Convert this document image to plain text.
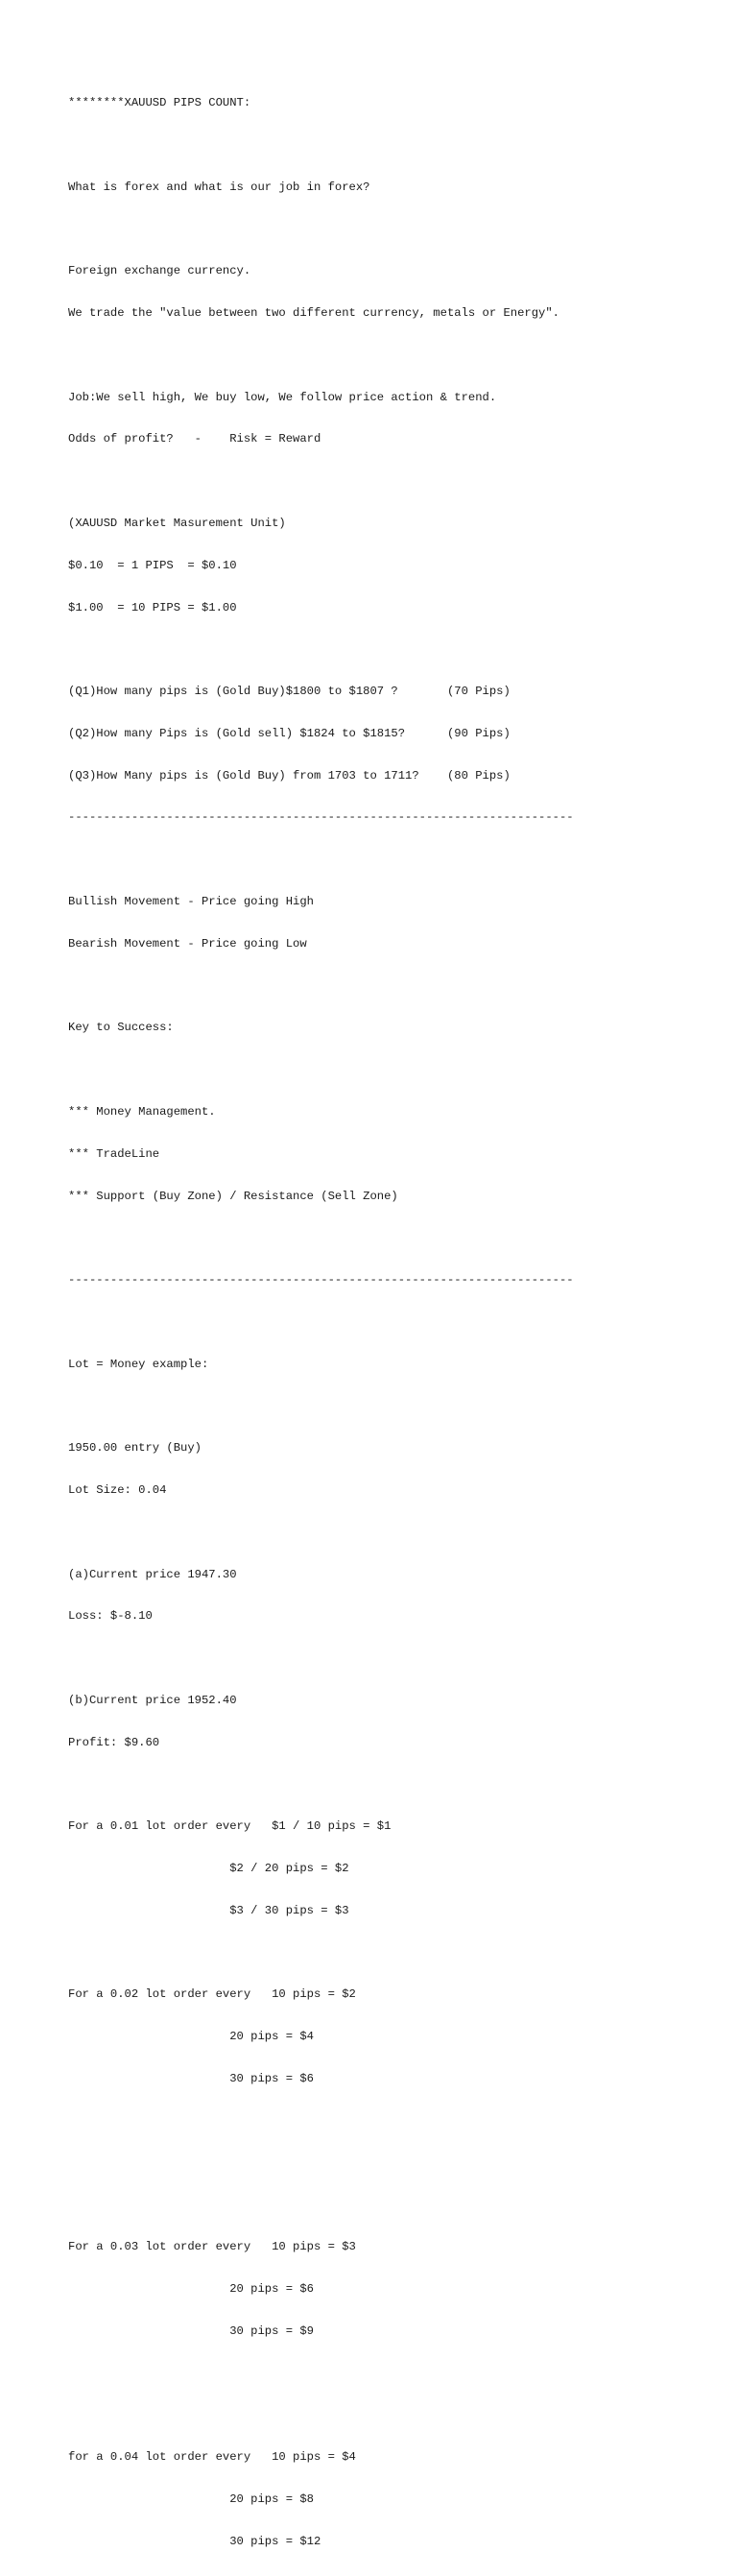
********XAUUSD PIPS COUNT:

What is forex and what is our job in forex?

Foreign exchange currency.

We trade the "value between two different currency, metals or Energy".

Job:We sell high, We buy low, We follow price action & trend.

Odds of profit?   -    Risk = Reward

(XAUUSD Market Masurement Unit)

$0.10  = 1 PIPS  = $0.10

$1.00  = 10 PIPS = $1.00

(Q1)How many pips is (Gold Buy)$1800 to $1807 ?       (70 Pips)

(Q2)How many Pips is (Gold sell) $1824 to $1815?      (90 Pips)

(Q3)How Many pips is (Gold Buy) from 1703 to 1711?    (80 Pips)

------------------------------------------------------------------------

Bullish Movement - Price going High

Bearish Movement - Price going Low

Key to Success:

*** Money Management.

*** TradeLine

*** Support (Buy Zone) / Resistance (Sell Zone)

------------------------------------------------------------------------

Lot = Money example:

1950.00 entry (Buy)

Lot Size: 0.04

(a)Current price 1947.30

Loss: $-8.10

(b)Current price 1952.40

Profit: $9.60

For a 0.01 lot order every   $1 / 10 pips = $1

$2 / 20 pips = $2

$3 / 30 pips = $3

For a 0.02 lot order every   10 pips = $2

20 pips = $4

30 pips = $6

For a 0.03 lot order every   10 pips = $3

20 pips = $6

30 pips = $9

for a 0.04 lot order every   10 pips = $4

20 pips = $8

30 pips = $12
